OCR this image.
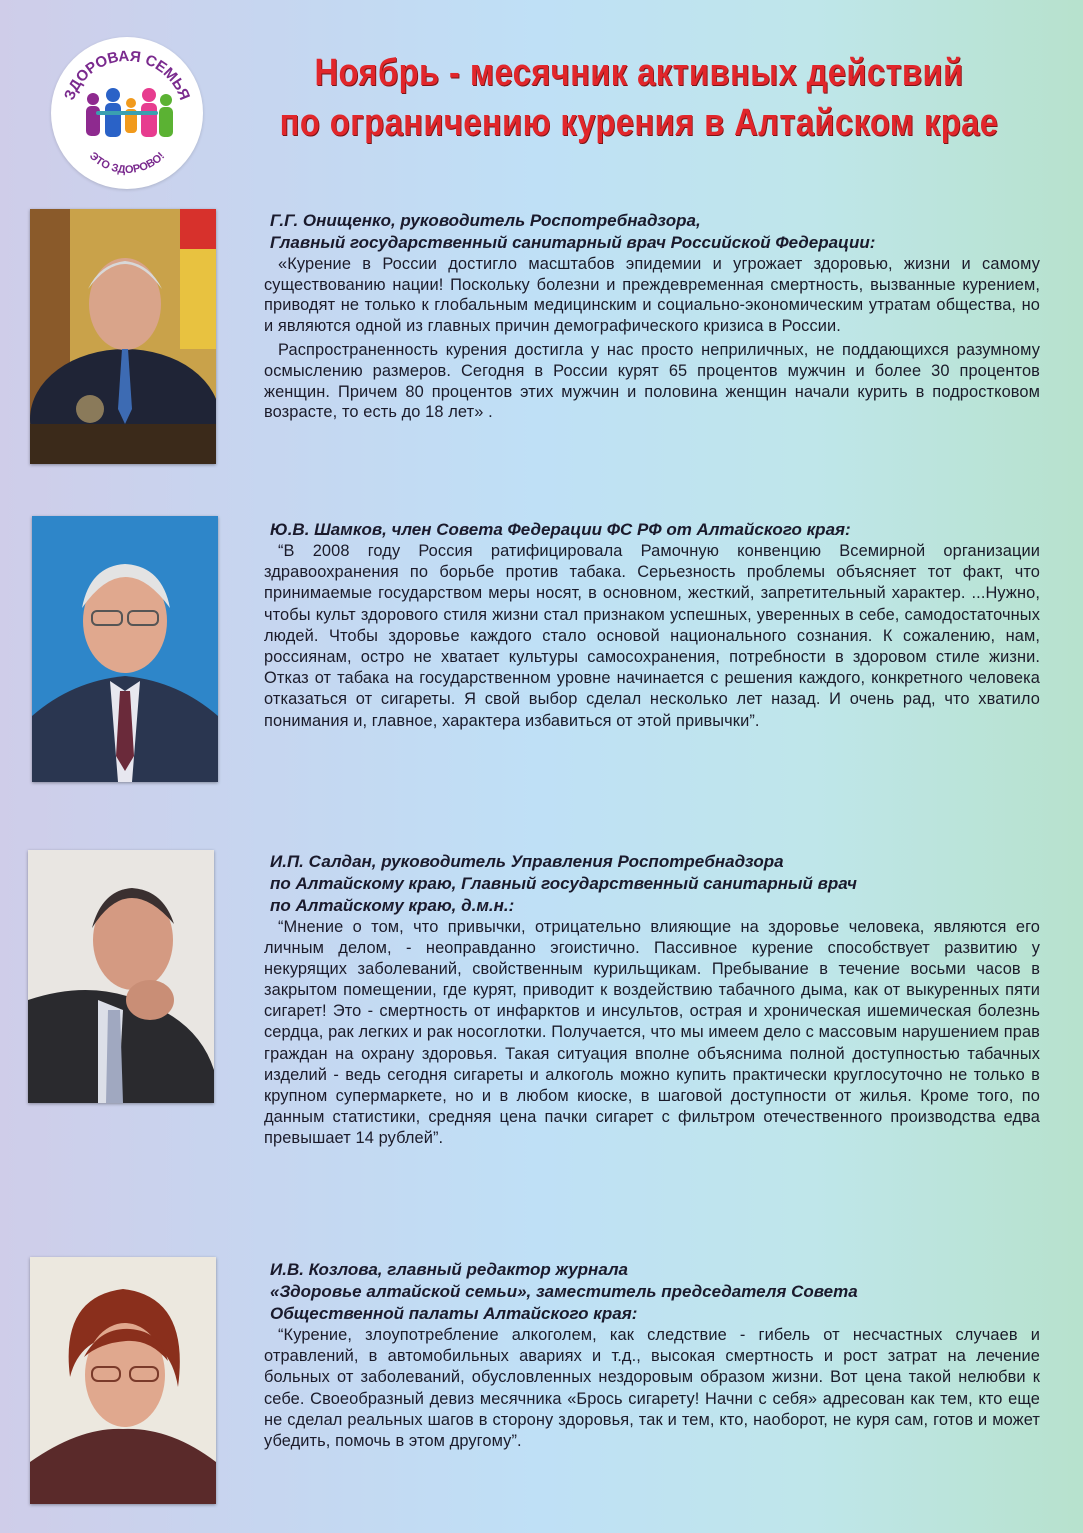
ЗДОРОВАЯ СЕМЬЯ
ЭТО ЗДОРОВО!
Ноябрь - месячник активных действий
по ограничению курения в Алтайском крае

Г.Г. Онищенко, руководитель Роспотребнадзора,
Главный государственный санитарный врач Российской Федерации:

«Курение в России достигло масштабов эпидемии и угрожает здоровью, жизни и самому существованию нации! Поскольку болезни и преждевременная смертность, вызванные курением, приводят не только к глобальным медицинским и социально-экономическим утратам общества, но и являются одной из главных причин демографического кризиса в России.

Распространенность курения достигла у нас просто неприличных, не поддающихся разумному осмыслению размеров. Сегодня в России курят 65 процентов мужчин и более 30 процентов женщин. Причем 80 процентов этих мужчин и половина женщин начали курить в подростковом возрасте, то есть до 18 лет» .

Ю.В. Шамков, член Совета Федерации ФС РФ от Алтайского края:

“В 2008 году Россия ратифицировала Рамочную конвенцию Всемирной организации здравоохранения по борьбе против табака. Серьезность проблемы объясняет тот факт, что принимаемые государством меры носят, в основном, жесткий, запретительный характер. ...Нужно, чтобы культ здорового стиля жизни стал признаком успешных, уверенных в себе, самодостаточных людей. Чтобы здоровье каждого стало основой национального сознания. К сожалению, нам, россиянам, остро не хватает культуры самосохранения, потребности в здоровом стиле жизни. Отказ от табака на государственном уровне начинается с решения каждого, конкретного человека отказаться от сигареты. Я свой выбор сделал несколько лет назад. И очень рад, что хватило понимания и, главное, характера избавиться от этой привычки”.

И.П. Салдан, руководитель Управления Роспотребнадзора
по Алтайскому краю, Главный государственный санитарный врач
по Алтайскому краю, д.м.н.:

“Мнение о том, что привычки, отрицательно влияющие на здоровье человека, являются его личным делом, - неоправданно эгоистично. Пассивное курение способствует развитию у некурящих заболеваний, свойственным курильщикам. Пребывание в течение восьми часов в закрытом помещении, где курят, приводит к воздействию табачного дыма, как от выкуренных пяти сигарет! Это - смертность от инфарктов и инсультов, острая и хроническая ишемическая болезнь сердца, рак легких и рак носоглотки. Получается, что мы имеем дело с массовым нарушением прав граждан на охрану здоровья. Такая ситуация вполне объяснима полной доступностью табачных изделий - ведь сегодня сигареты и алкоголь можно купить практически круглосуточно не только в крупном супермаркете, но и в любом киоске, в шаговой доступности от жилья. Кроме того, по данным статистики, средняя цена пачки сигарет с фильтром отечественного производства едва превышает 14 рублей”.

И.В. Козлова, главный редактор журнала
«Здоровье алтайской семьи», заместитель председателя Совета
Общественной палаты Алтайского края:

“Курение, злоупотребление алкоголем, как следствие - гибель от несчастных случаев и отравлений, в автомобильных авариях и т.д., высокая смертность и рост затрат на лечение больных от заболеваний, обусловленных нездоровым образом жизни. Вот цена такой нелюбви к себе. Своеобразный девиз месячника «Брось сигарету! Начни с себя» адресован как тем, кто еще не сделал реальных шагов в сторону здоровья, так и тем, кто, наоборот, не куря сам, готов и может убедить, помочь в этом другому”.
